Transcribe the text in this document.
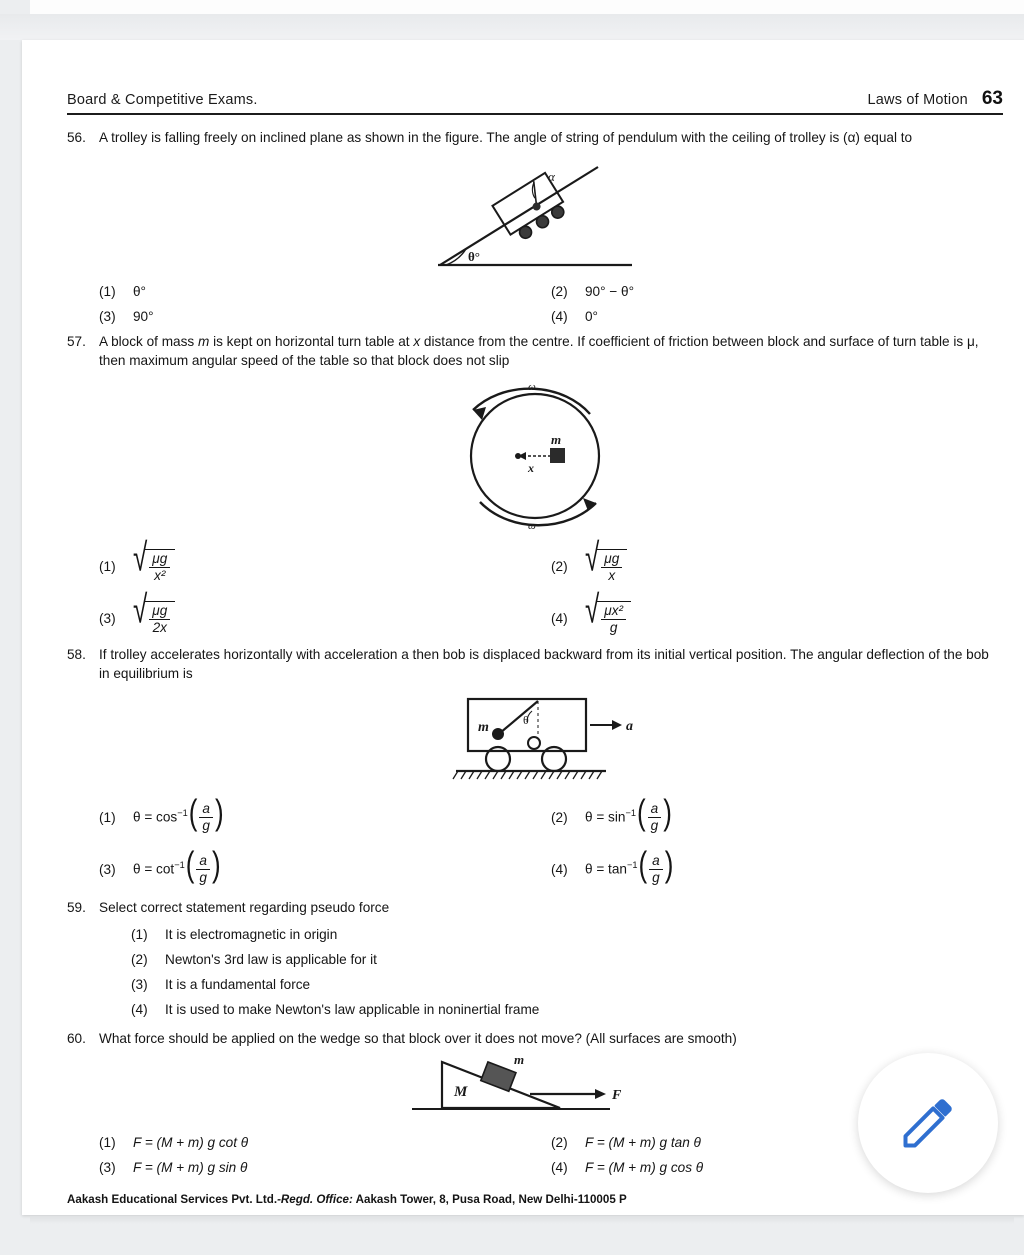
Board & Competitive Exams.	Laws of Motion 63
56. A trolley is falling freely on inclined plane as shown in the figure. The angle of string of pendulum with the ceiling of trolley is (α) equal to
θ°
α
(1)	θ°	(2)	90° − θ°
(3)	90°	(4)	0°
57. A block of mass m is kept on horizontal turn table at x distance from the centre. If coefficient of friction between block and surface of turn table is μ, then maximum angular speed of the table so that block does not slip
ω
ω
m
x
(1) √ $\frac{\mu g}{\text{x²}}$	(2) √ $\frac{\mu g}{x}$
(3) √ $\frac{\mu g}{2x}$	(4) √ $\frac{\text{μx²}}{g}$
58. If trolley accelerates horizontally with acceleration a then bob is displaced backward from its initial vertical position. The angular deflection of the bob in equilibrium is
θ
m	a
(1)	$\theta = \cos^{-1}( \frac{a}{g}$ )	(2)	$\theta = \sin^{-1}( \frac{a}{g}$ )
(3)	$\theta = \cot^{-1}( \frac{a}{g}$ )	(4)	$\theta = \tan^{-1}( \frac{a}{g}$ )
59. Select correct statement regarding pseudo force
(1)	It is electromagnetic in origin
(2)	Newton's 3rd law is applicable for it
(3)	It is a fundamental force
(4)	It is used to make Newton's law applicable in noninertial frame
60. What force should be applied on the wedge so that block over it does not move? (All surfaces are smooth)
m
M	F
(1)	F = (M + m) g cot θ	(2)	F = (M + m) g tan θ
(3)	F = (M + m) g sin θ	(4)	F = (M + m) g cos θ
Aakash Educational Services Pvt. Ltd.-Regd. Office: Aakash Tower, 8, Pusa Road, New Delhi-110005 P
